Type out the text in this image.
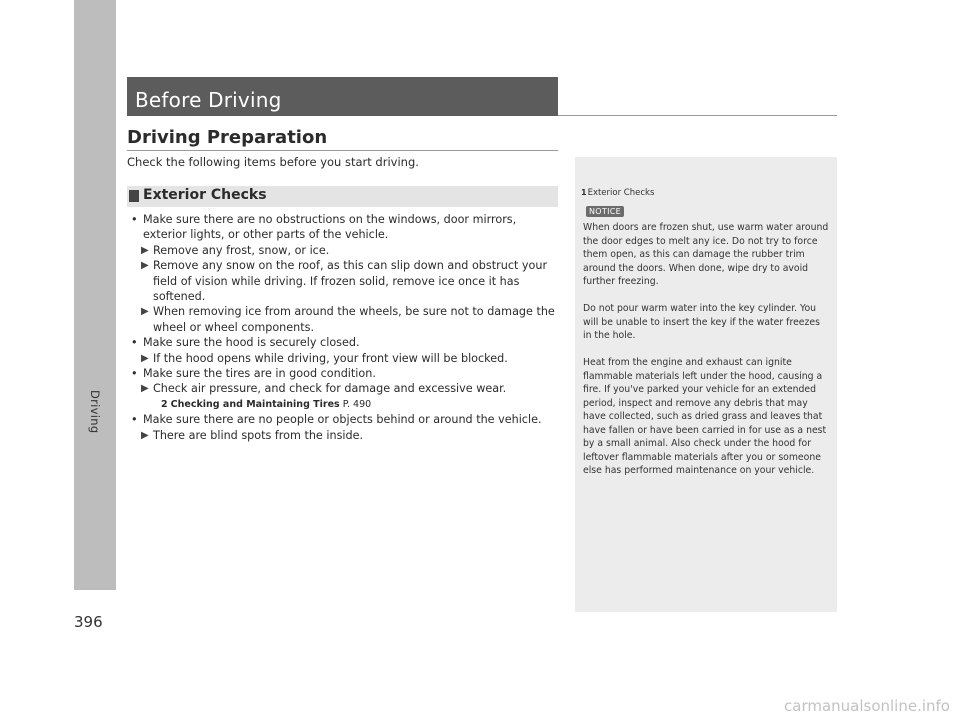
Driving
396
Before Driving
Driving Preparation
Check the following items before you start driving.
Exterior Checks
• Make sure there are no obstructions on the windows, door mirrors, exterior lights, or other parts of the vehicle.
▶ Remove any frost, snow, or ice.
▶ Remove any snow on the roof, as this can slip down and obstruct your field of vision while driving. If frozen solid, remove ice once it has softened.
▶ When removing ice from around the wheels, be sure not to damage the wheel or wheel components.
• Make sure the hood is securely closed.
▶ If the hood opens while driving, your front view will be blocked.
• Make sure the tires are in good condition.
▶ Check air pressure, and check for damage and excessive wear.
2 Checking and Maintaining Tires P. 490
• Make sure there are no people or objects behind or around the vehicle.
▶ There are blind spots from the inside.
1Exterior Checks
NOTICE

When doors are frozen shut, use warm water around the door edges to melt any ice. Do not try to force them open, as this can damage the rubber trim around the doors. When done, wipe dry to avoid further freezing.

Do not pour warm water into the key cylinder. You will be unable to insert the key if the water freezes in the hole.

Heat from the engine and exhaust can ignite flammable materials left under the hood, causing a fire. If you've parked your vehicle for an extended period, inspect and remove any debris that may have collected, such as dried grass and leaves that have fallen or have been carried in for use as a nest by a small animal. Also check under the hood for leftover flammable materials after you or someone else has performed maintenance on your vehicle.

carmanualsonline.info
